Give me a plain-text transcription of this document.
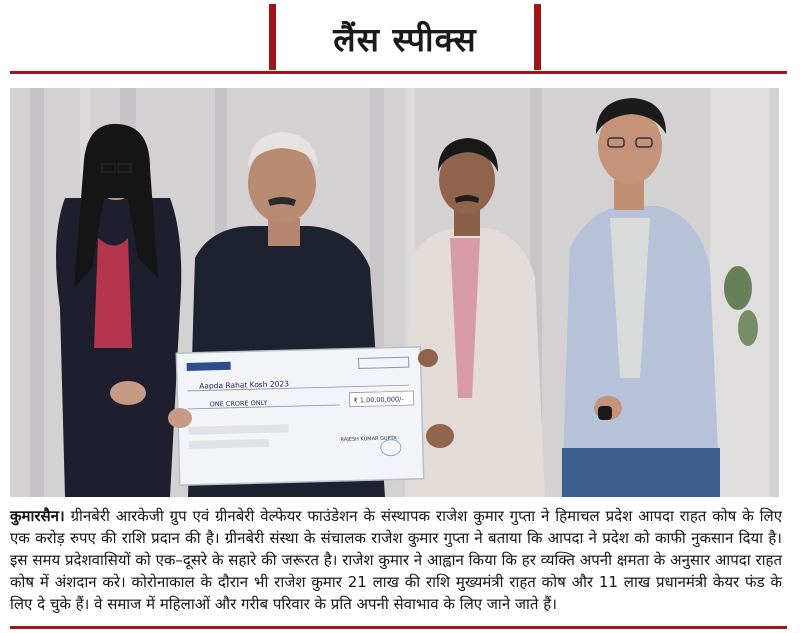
लैंस स्पीक्स
Aapda Rahat Kosh 2023
ONE CRORE ONLY	₹ 1,00,00,000/-
RAJESH KUMAR GUPTA
कुमारसैन। ग्रीनबेरी आरकेजी ग्रुप एवं ग्रीनबेरी वेल्फेयर फाउंडेशन के संस्थापक राजेश कुमार गुप्ता ने हिमाचल प्रदेश आपदा राहत कोष के लिए एक करोड़ रुपए की राशि प्रदान की है। ग्रीनबेरी संस्था के संचालक राजेश कुमार गुप्ता ने बताया कि आपदा ने प्रदेश को काफी नुकसान दिया है। इस समय प्रदेशवासियों को एक–दूसरे के सहारे की जरूरत है। राजेश कुमार ने आह्वान किया कि हर व्यक्ति अपनी क्षमता के अनुसार आपदा राहत कोष में अंशदान करे। कोरोनाकाल के दौरान भी राजेश कुमार 21 लाख की राशि मुख्यमंत्री राहत कोष और 11 लाख प्रधानमंत्री केयर फंड के लिए दे चुके हैं। वे समाज में महिलाओं और गरीब परिवार के प्रति अपनी सेवाभाव के लिए जाने जाते हैं।
